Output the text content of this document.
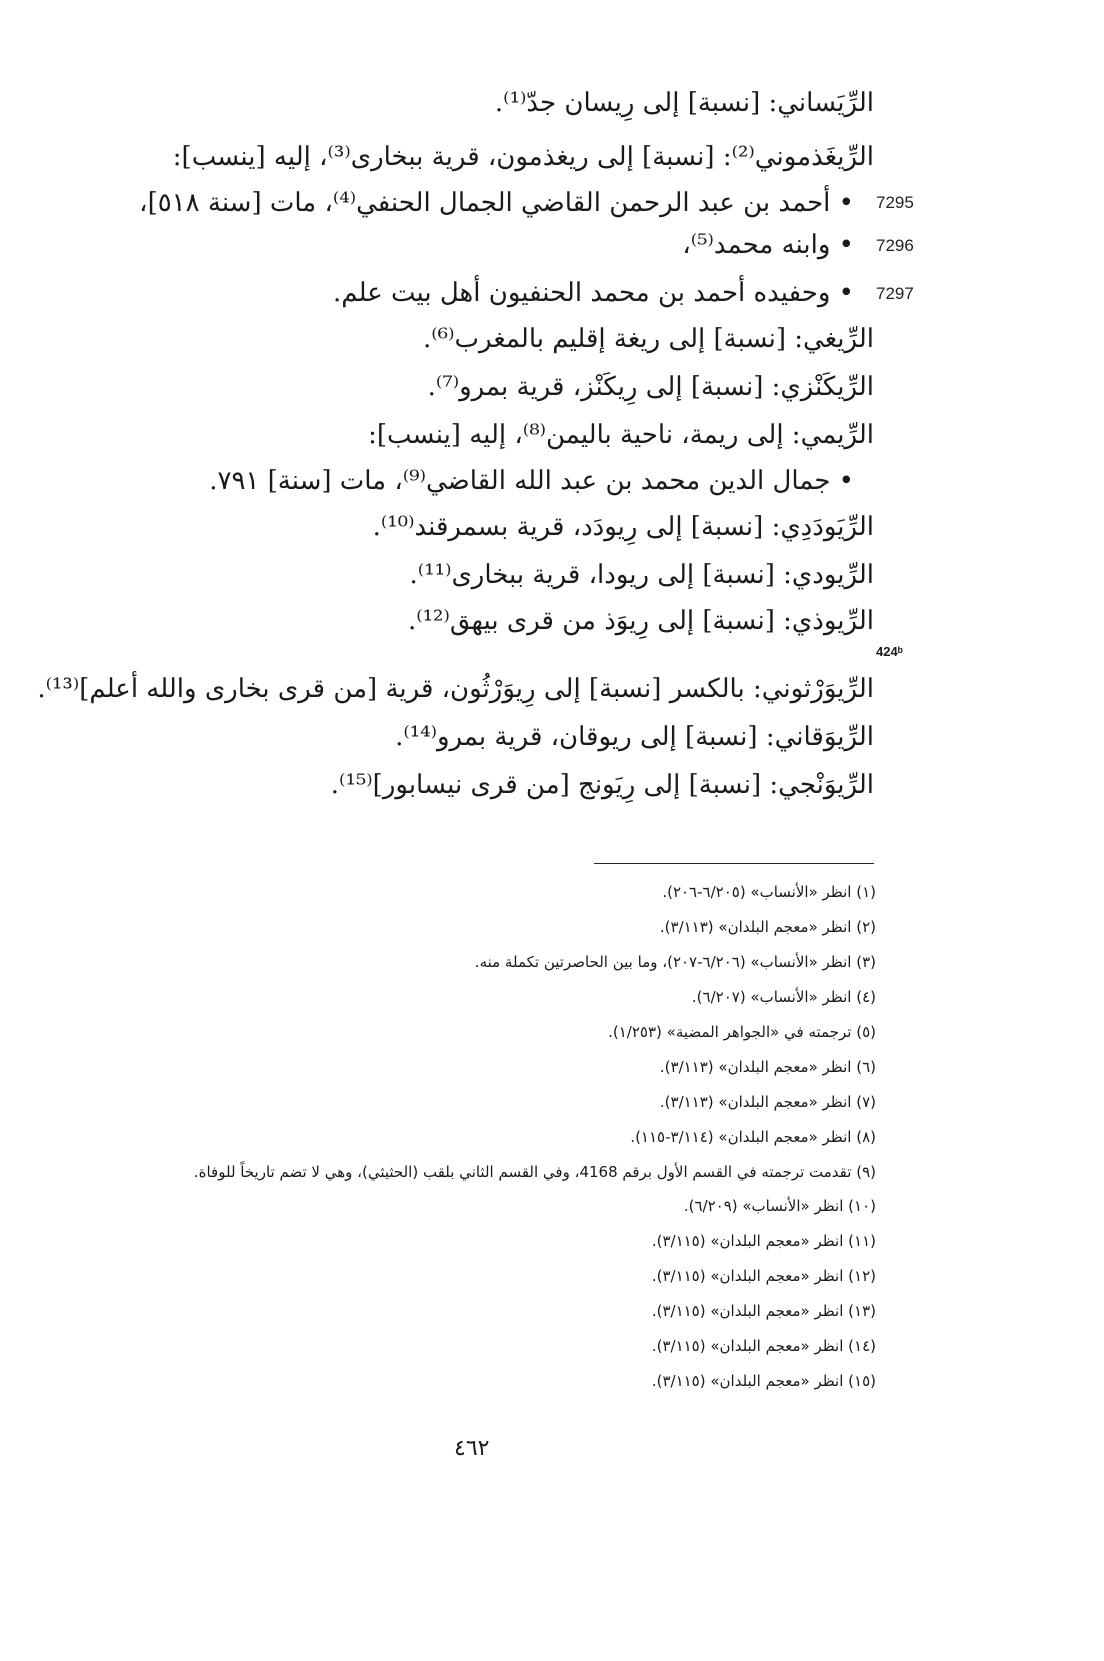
الرِّيَساني: [نسبة] إلى رِيسان جدّ⁽¹⁾.
الرِّيغَذموني⁽²⁾: [نسبة] إلى ريغذمون، قرية ببخارى⁽³⁾، إليه [ينسب]:
• أحمد بن عبد الرحمن القاضي الجمال الحنفي⁽⁴⁾، مات [سنة ٥١٨]، 7295
• وابنه محمد⁽⁵⁾، 7296
• وحفيده أحمد بن محمد الحنفيون أهل بيت علم. 7297
الرِّيغي: [نسبة] إلى ريغة إقليم بالمغرب⁽⁶⁾.
الرِّيكَنْزي: [نسبة] إلى رِيكَنْز، قرية بمرو⁽⁷⁾.
الرِّيمي: إلى ريمة، ناحية باليمن⁽⁸⁾، إليه [ينسب]:
• جمال الدين محمد بن عبد الله القاضي⁽⁹⁾، مات [سنة] ٧٩١.
الرِّيَودَدِي: [نسبة] إلى رِيودَد، قرية بسمرقند⁽¹⁰⁾.
الرِّيودي: [نسبة] إلى ريودا، قرية ببخارى⁽¹¹⁾.
الرِّيوذي: [نسبة] إلى رِيوَذ من قرى بيهق⁽¹²⁾.
424ᵇ
الرِّيوَرْثوني: بالكسر [نسبة] إلى رِيوَرْثُون، قرية [من قرى بخارى والله أعلم]⁽¹³⁾.
الرِّيوَقاني: [نسبة] إلى ريوقان، قرية بمرو⁽¹⁴⁾.
الرِّيوَنْجي: [نسبة] إلى رِيَونج [من قرى نيسابور]⁽¹⁵⁾.
(١) انظر «الأنساب» (٦/٢٠٥-٢٠٦).
(٢) انظر «معجم البلدان» (٣/١١٣).
(٣) انظر «الأنساب» (٦/٢٠٦-٢٠٧)، وما بين الحاصرتين تكملة منه.
(٤) انظر «الأنساب» (٦/٢٠٧).
(٥) ترجمته في «الجواهر المضية» (١/٢٥٣).
(٦) انظر «معجم البلدان» (٣/١١٣).
(٧) انظر «معجم البلدان» (٣/١١٣).
(٨) انظر «معجم البلدان» (٣/١١٤-١١٥).
(٩) تقدمت ترجمته في القسم الأول برقم 4168، وفي القسم الثاني بلقب (الحثيثي)، وهي لا تضم تاريخاً للوفاة.
(١٠) انظر «الأنساب» (٦/٢٠٩).
(١١) انظر «معجم البلدان» (٣/١١٥).
(١٢) انظر «معجم البلدان» (٣/١١٥).
(١٣) انظر «معجم البلدان» (٣/١١٥).
(١٤) انظر «معجم البلدان» (٣/١١٥).
(١٥) انظر «معجم البلدان» (٣/١١٥).
٤٦٢
